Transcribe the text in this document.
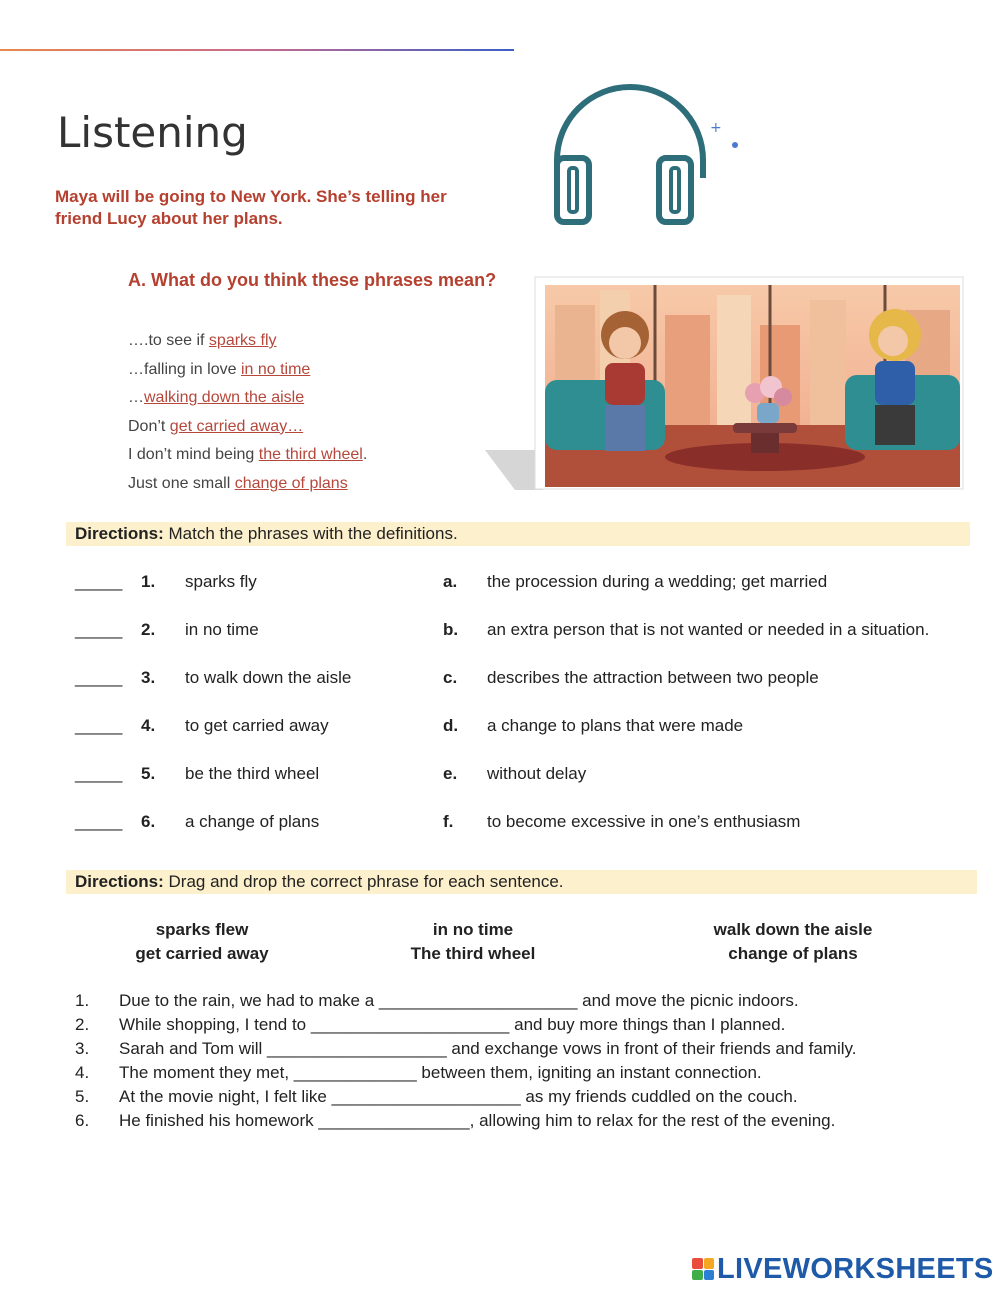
Listening
Maya will be going to New York. She’s telling her friend Lucy about her plans.
+
A. What do you think these phrases mean?
….to see if sparks fly
…falling in love in no time
…walking down the aisle
Don’t get carried away…
I don’t mind being the third wheel.
Just one small change of plans
Directions: Match the phrases with the definitions.
_____ 1. sparks fly	a. the procession during a wedding; get married
_____ 2. in no time	b. an extra person that is not wanted or needed in a situation.
_____ 3. to walk down the aisle	c. describes the attraction between two people
_____ 4. to get carried away	d. a change to plans that were made
_____ 5. be the third wheel	e. without delay
_____ 6. a change of plans	f. to become excessive in one’s enthusiasm
Directions: Drag and drop the correct phrase for each sentence.
sparks flew	in no time	walk down the aisle
get carried away	The third wheel	change of plans
1. Due to the rain, we had to make a _____________________ and move the picnic indoors.
2. While shopping, I tend to _____________________ and buy more things than I planned.
3. Sarah and Tom will ___________________ and exchange vows in front of their friends and family.
4. The moment they met, _____________ between them, igniting an instant connection.
5. At the movie night, I felt like ____________________ as my friends cuddled on the couch.
6. He finished his homework ________________, allowing him to relax for the rest of the evening.
LIVEWORKSHEETS
